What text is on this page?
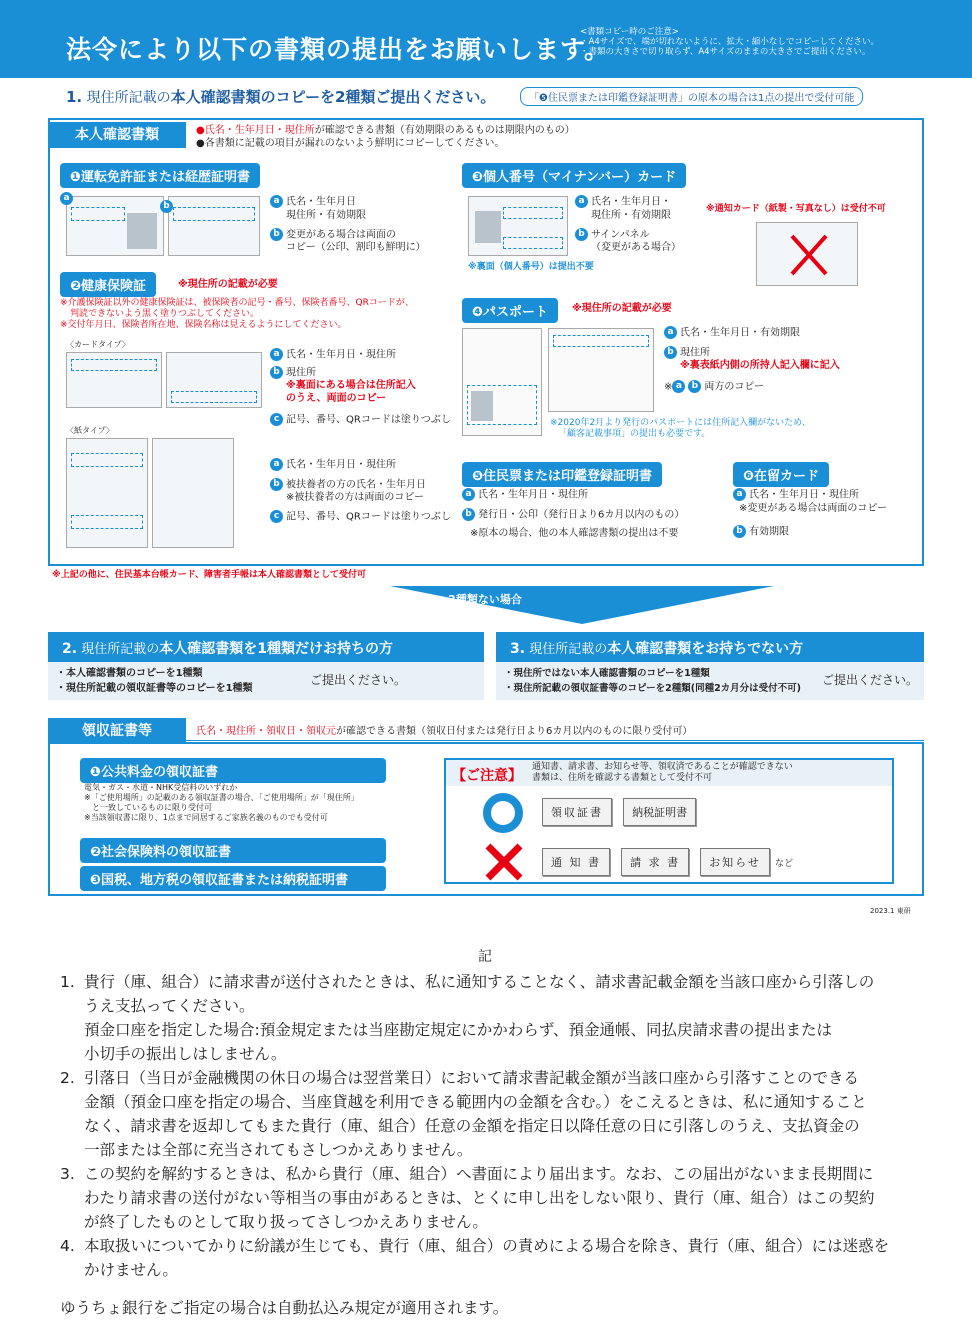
法令により以下の書類の提出をお願いします。
<書類コピー時のご注意>
・A4サイズで、端が切れないように、拡大・縮小なしでコピーしてください。
・書類の大きさで切り取らず、A4サイズのままの大きさでご提出ください。
1. 現住所記載の本人確認書類のコピーを2種類ご提出ください。	「❺住民票または印鑑登録証明書」の原本の場合は1点の提出で受付可能
本人確認書類	●氏名・生年月日・現住所が確認できる書類（有効期限のあるものは期限内のもの）
●各書類に記載の項目が漏れのないよう鮮明にコピーしてください。
❶運転免許証または経歴証明書
a
b	a 氏名・生年月日
現住所・有効期限
b 変更がある場合は両面の
コピー（公印、割印も鮮明に）
❷健康保険証	※現住所の記載が必要
※介護保険証以外の健康保険証は、被保険者の記号・番号、保険者番号、QRコードが、
判読できないよう黒く塗りつぶしてください。
※交付年月日、保険者所在地、保険名称は見えるようにしてください。
〈カードタイプ〉
a 氏名・生年月日・現住所
b 現住所
※裏面にある場合は住所記入
のうえ、両面のコピー
c 記号、番号、QRコードは塗りつぶし
〈紙タイプ〉
a 氏名・生年月日・現住所
b 被扶養者の方の氏名・生年月日
※被扶養者の方は両面のコピー
c 記号、番号、QRコードは塗りつぶし
❸個人番号（マイナンバー）カード
a 氏名・生年月日・
現住所・有効期限
b サインパネル
（変更がある場合）
※裏面（個人番号）は提出不要
※通知カード（紙製・写真なし）は受付不可
❹パスポート	※現住所の記載が必要
a 氏名・生年月日・有効期限
b 現住所
※裏表紙内側の所持人記入欄に記入
※ a b 両方のコピー
※2020年2月より発行のパスポートには住所記入欄がないため、
「顧客記載事項」の提出も必要です。
❺住民票または印鑑登録証明書
a 氏名・生年月日・現住所
b 発行日・公印（発行日より6カ月以内のもの）
※原本の場合、他の本人確認書類の提出は不要
❻在留カード
a 氏名・生年月日・現住所
※変更がある場合は両面のコピー
b 有効期限
※上記の他に、住民基本台帳カード、障害者手帳は本人確認書類として受付可
2種類ない場合
2. 現住所記載の本人確認書類を1種類だけお持ちの方
・本人確認書類のコピーを1種類
・現住所記載の領収証書等のコピーを1種類
ご提出ください。
3. 現住所記載の本人確認書類をお持ちでない方
・現住所ではない本人確認書類のコピーを1種類
・現住所記載の領収証書等のコピーを2種類(同種2カ月分は受付不可)
ご提出ください。
領収証書等	氏名・現住所・領収日・領収元が確認できる書類（領収日付または発行日より6カ月以内のものに限り受付可）
❶公共料金の領収証書
電気・ガス・水道・NHK受信料のいずれか
※「ご使用場所」の記載のある領収証書の場合、「ご使用場所」が「現住所」
　と一致しているものに限り受付可
※当該領収書に限り、1点まで同居するご家族名義のものでも受付可
❷社会保険料の領収証書
❸国税、地方税の領収証書または納税証明書
【ご注意】
通知書、請求書、お知らせ等、領収済であることが確認できない
書類は、住所を確認する書類として受付不可
領収証書	納税証明書
通 知 書	請 求 書	お知らせ など
2023.1 東研
記
1. 貴行（庫、組合）に請求書が送付されたときは、私に通知することなく、請求書記載金額を当該口座から引落しの
うえ支払ってください。
預金口座を指定した場合:預金規定または当座勘定規定にかかわらず、預金通帳、同払戻請求書の提出または
小切手の振出しはしません。
2. 引落日（当日が金融機関の休日の場合は翌営業日）において請求書記載金額が当該口座から引落すことのできる
金額（預金口座を指定の場合、当座貸越を利用できる範囲内の金額を含む。）をこえるときは、私に通知すること
なく、請求書を返却してもまた貴行（庫、組合）任意の金額を指定日以降任意の日に引落しのうえ、支払資金の
一部または全部に充当されてもさしつかえありません。
3. この契約を解約するときは、私から貴行（庫、組合）へ書面により届出ます。なお、この届出がないまま長期間に
わたり請求書の送付がない等相当の事由があるときは、とくに申し出をしない限り、貴行（庫、組合）はこの契約
が終了したものとして取り扱ってさしつかえありません。
4. 本取扱いについてかりに紛議が生じても、貴行（庫、組合）の責めによる場合を除き、貴行（庫、組合）には迷惑を
かけません。
ゆうちょ銀行をご指定の場合は自動払込み規定が適用されます。
